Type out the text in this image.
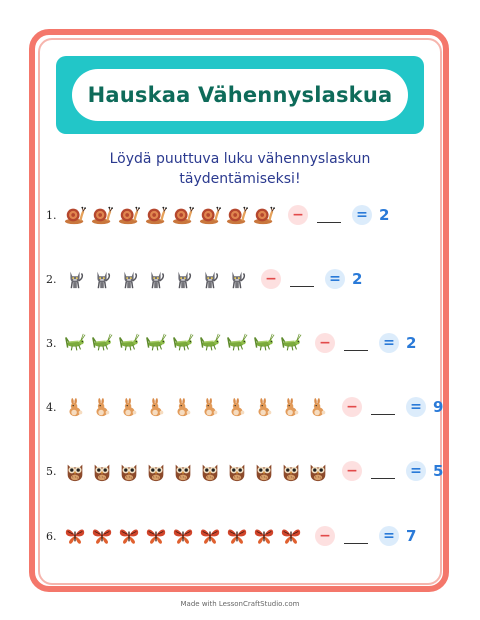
Hauskaa Vähennyslaskua
Löydä puuttuva luku vähennyslaskun
täydentämiseksi!
1.	−	= 2
2.	−	= 2
3.	−	= 2
4.	−	= 9
5.	−	= 5
6.	−	= 7
Made with LessonCraftStudio.com
